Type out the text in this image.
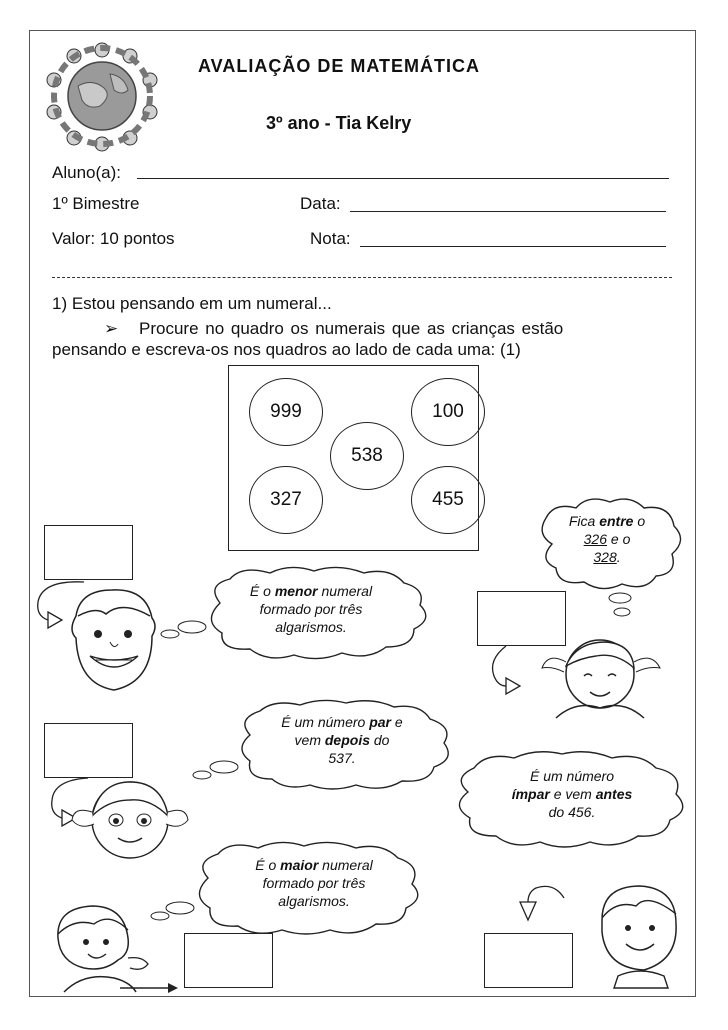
AVALIAÇÃO DE MATEMÁTICA
3º ano - Tia Kelry
Aluno(a):
1º Bimestre	Data:
Valor: 10 pontos	Nota:
1) Estou pensando em um numeral...
➢ Procure no quadro os numerais que as crianças estão
pensando e escreva-os nos quadros ao lado de cada uma: (1)
999	100
538
327	455
Fica entre o
326 e o
328.
É o menor numeral
formado por três
algarismos.
É um número par e
vem depois do
537.
É um número
ímpar e vem antes
do 456.
É o maior numeral
formado por três
algarismos.
